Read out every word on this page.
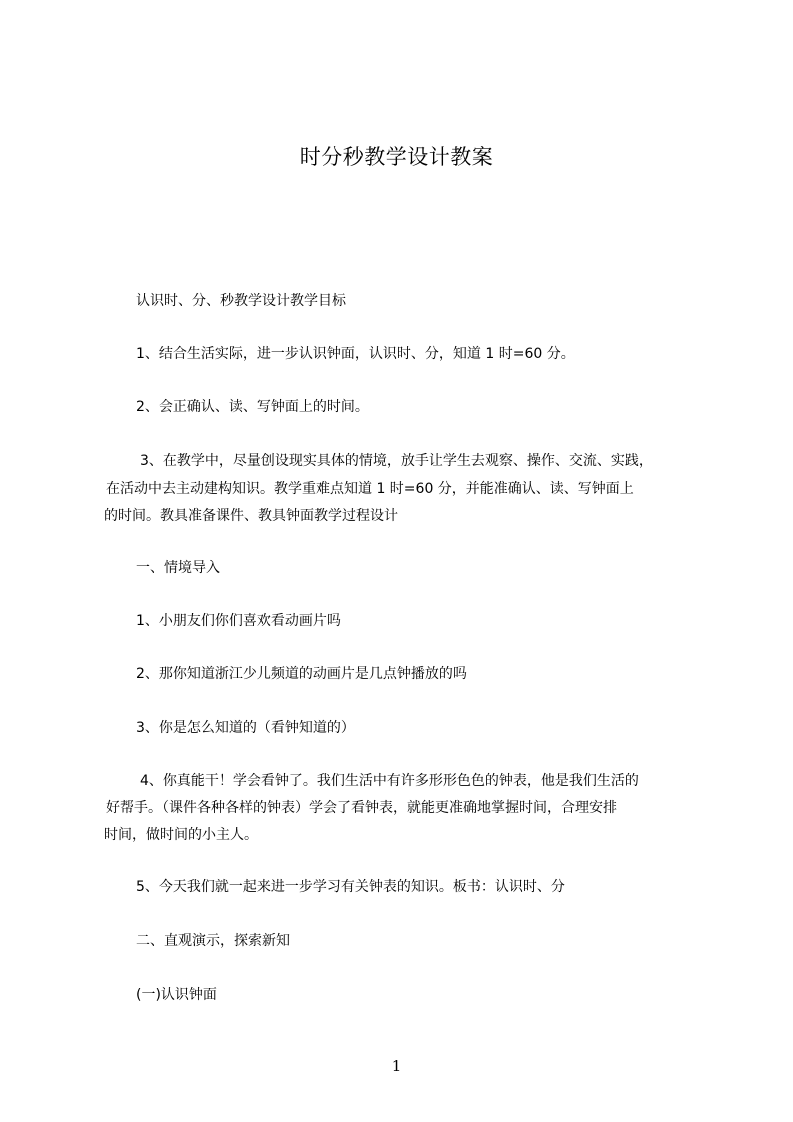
时分秒教学设计教案
认识时、分、秒教学设计教学目标
1、结合生活实际，进一步认识钟面，认识时、分，知道 1 时=60 分。
2、会正确认、读、写钟面上的时间。
3、在教学中，尽量创设现实具体的情境，放手让学生去观察、操作、交流、实践，
在活动中去主动建构知识。教学重难点知道 1 时=60 分，并能准确认、读、写钟面上
的时间。教具准备课件、教具钟面教学过程设计
一、情境导入
1、小朋友们你们喜欢看动画片吗
2、那你知道浙江少儿频道的动画片是几点钟播放的吗
3、你是怎么知道的（看钟知道的）
4、你真能干！学会看钟了。我们生活中有许多形形色色的钟表，他是我们生活的
好帮手。（课件各种各样的钟表）学会了看钟表，就能更准确地掌握时间，合理安排
时间，做时间的小主人。
5、今天我们就一起来进一步学习有关钟表的知识。板书：认识时、分
二、直观演示，探索新知
(一)认识钟面
1
